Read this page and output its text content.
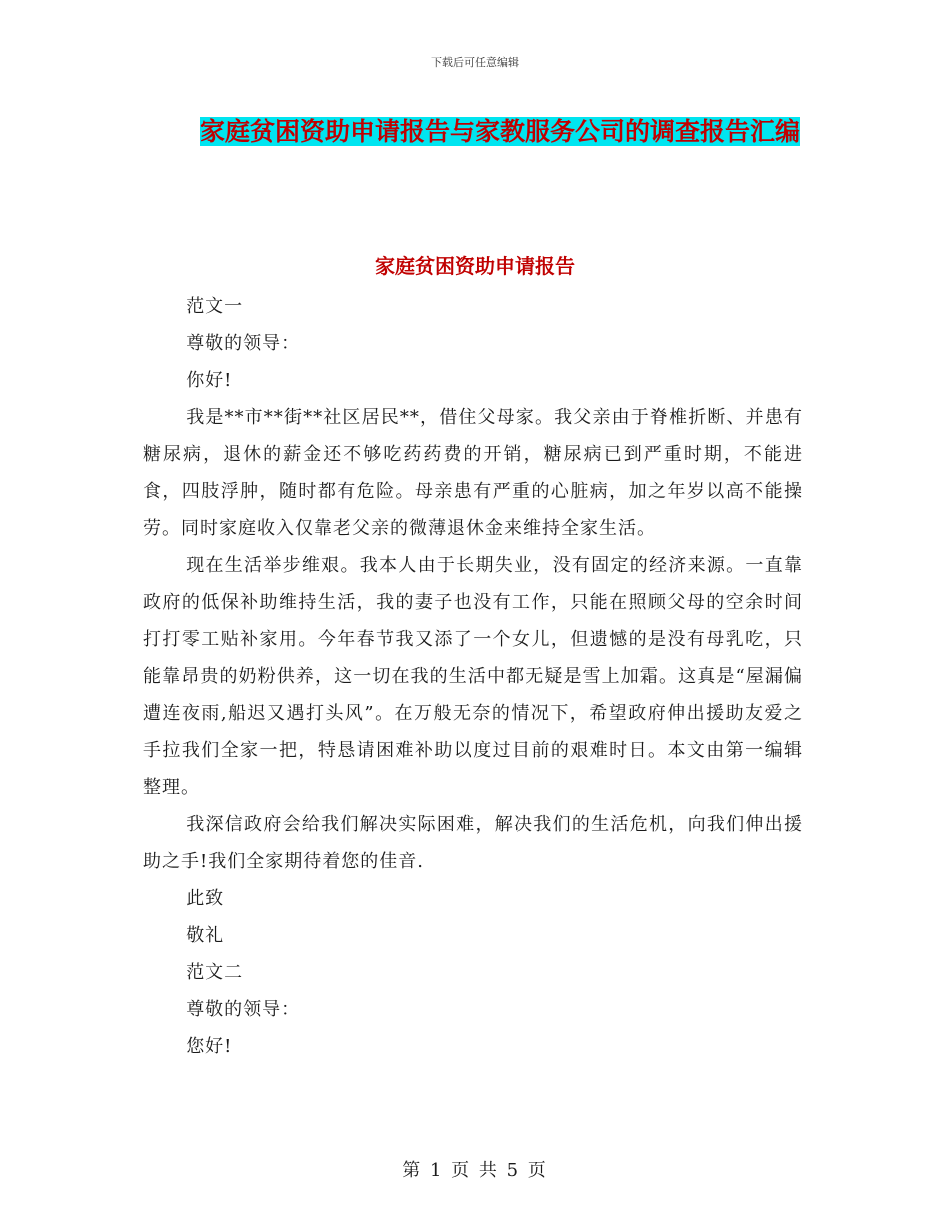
下载后可任意编辑
家庭贫困资助申请报告与家教服务公司的调查报告汇编
家庭贫困资助申请报告

范文一

尊敬的领导：

你好!

我是**市**街**社区居民**，借住父母家。我父亲由于脊椎折断、并患有糖尿病，退休的薪金还不够吃药药费的开销，糖尿病已到严重时期，不能进食，四肢浮肿，随时都有危险。母亲患有严重的心脏病，加之年岁以高不能操劳。同时家庭收入仅靠老父亲的微薄退休金来维持全家生活。

现在生活举步维艰。我本人由于长期失业，没有固定的经济来源。一直靠政府的低保补助维持生活，我的妻子也没有工作，只能在照顾父母的空余时间打打零工贴补家用。今年春节我又添了一个女儿，但遗憾的是没有母乳吃，只能靠昂贵的奶粉供养，这一切在我的生活中都无疑是雪上加霜。这真是“屋漏偏遭连夜雨,船迟又遇打头风”。在万般无奈的情况下，希望政府伸出援助友爱之手拉我们全家一把，特恳请困难补助以度过目前的艰难时日。本文由第一编辑整理。

我深信政府会给我们解决实际困难，解决我们的生活危机，向我们伸出援助之手!我们全家期待着您的佳音.

此致

敬礼

范文二

尊敬的领导：

您好!

第 1 页 共 5 页
